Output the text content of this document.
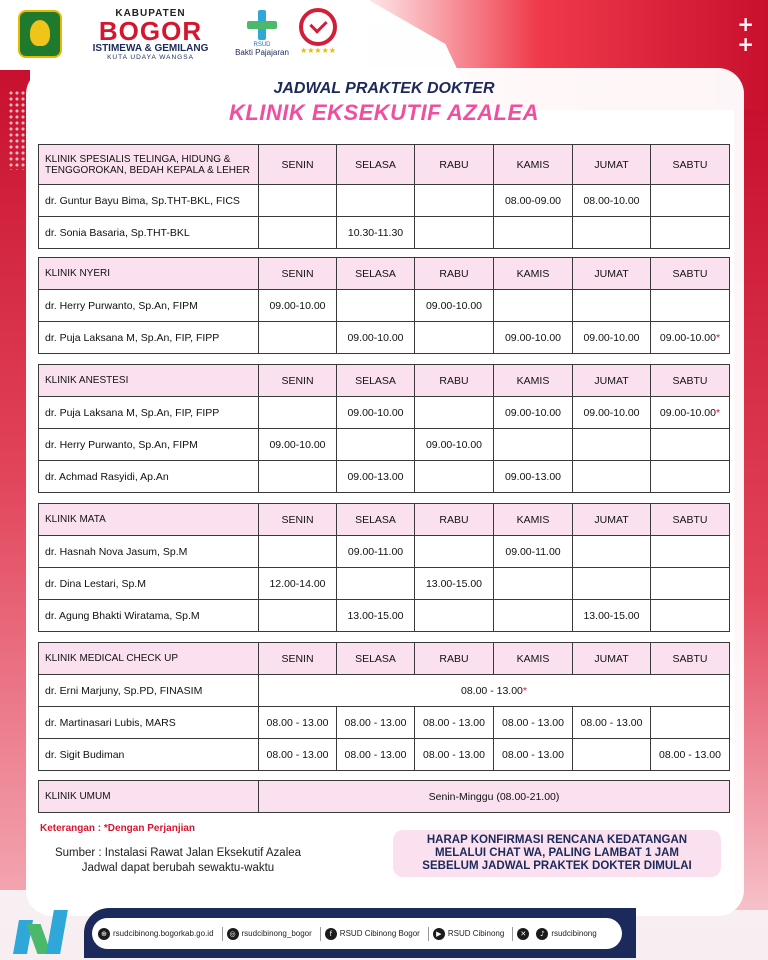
+
+
KABUPATEN
BOGOR
ISTIMEWA & GEMILANG
KUTA UDAYA WANGSA
RSUD
Bakti Pajajaran	★★★★★
JADWAL PRAKTEK DOKTER
KLINIK EKSEKUTIF AZALEA
KLINIK SPESIALIS TELINGA, HIDUNG & TENGGOROKAN, BEDAH KEPALA & LEHER	SENIN	SELASA	RABU	KAMIS	JUMAT	SABTU
dr. Guntur Bayu Bima, Sp.THT-BKL, FICS				08.00-09.00	08.00-10.00	
dr. Sonia Basaria, Sp.THT-BKL		10.30-11.30				
KLINIK NYERI	SENIN	SELASA	RABU	KAMIS	JUMAT	SABTU
dr. Herry Purwanto, Sp.An, FIPM	09.00-10.00		09.00-10.00			
dr. Puja Laksana M, Sp.An, FIP, FIPP		09.00-10.00		09.00-10.00	09.00-10.00	09.00-10.00*
KLINIK ANESTESI	SENIN	SELASA	RABU	KAMIS	JUMAT	SABTU
dr. Puja Laksana M, Sp.An, FIP, FIPP		09.00-10.00		09.00-10.00	09.00-10.00	09.00-10.00*
dr. Herry Purwanto, Sp.An, FIPM	09.00-10.00		09.00-10.00			
dr. Achmad Rasyidi, Ap.An		09.00-13.00		09.00-13.00		
KLINIK MATA	SENIN	SELASA	RABU	KAMIS	JUMAT	SABTU
dr. Hasnah Nova Jasum, Sp.M		09.00-11.00		09.00-11.00		
dr. Dina Lestari, Sp.M	12.00-14.00		13.00-15.00			
dr. Agung Bhakti Wiratama, Sp.M		13.00-15.00			13.00-15.00	
KLINIK MEDICAL CHECK UP	SENIN	SELASA	RABU	KAMIS	JUMAT	SABTU
dr. Erni Marjuny, Sp.PD, FINASIM	08.00 - 13.00*					
dr. Martinasari Lubis, MARS	08.00 - 13.00	08.00 - 13.00	08.00 - 13.00	08.00 - 13.00	08.00 - 13.00	
dr. Sigit Budiman	08.00 - 13.00	08.00 - 13.00	08.00 - 13.00	08.00 - 13.00		08.00 - 13.00
KLINIK UMUM	Senin-Minggu (08.00-21.00)
Keterangan : *Dengan Perjanjian
Sumber : Instalasi Rawat Jalan Eksekutif Azalea
Jadwal dapat berubah sewaktu-waktu
HARAP KONFIRMASI RENCANA KEDATANGAN
MELALUI CHAT WA, PALING LAMBAT 1 JAM
SEBELUM JADWAL PRAKTEK DOKTER DIMULAI
⊕ rsudcibinong.bogorkab.go.id	◎ rsudcibinong_bogor	f RSUD Cibinong Bogor	▶ RSUD Cibinong	✕	♪ rsudcibinong
